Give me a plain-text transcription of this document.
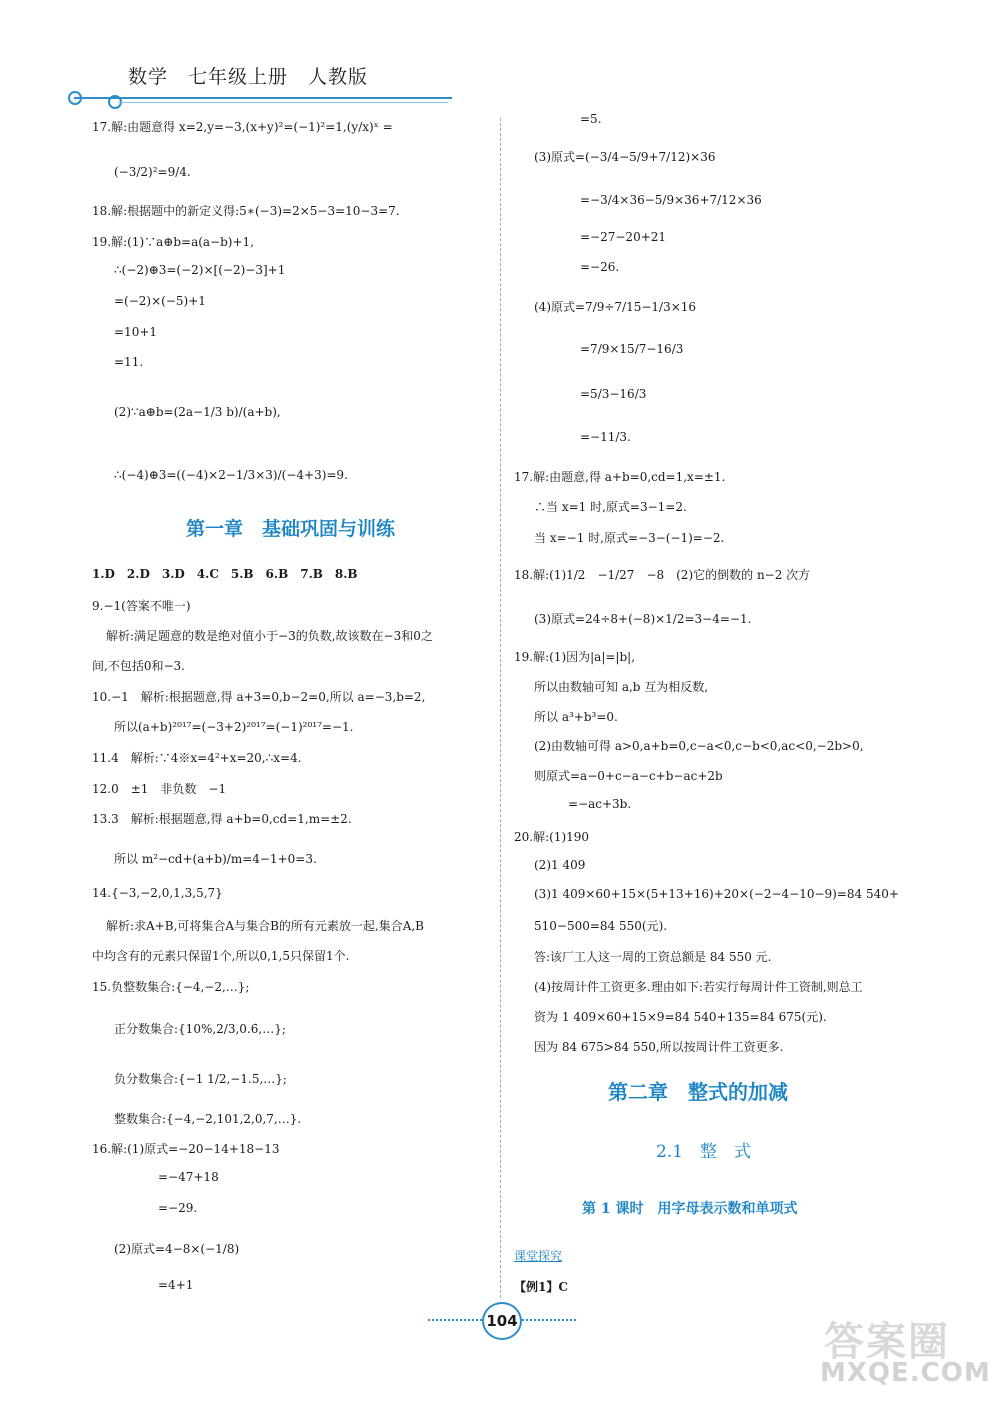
数学　七年级上册　人教版
17.解:由题意得 x=2,y=−3,(x+y)²=(−1)²=1,(y/x)ˣ =
(−3/2)²=9/4.
18.解:根据题中的新定义得:5∗(−3)=2×5−3=10−3=7.
19.解:(1)∵a⊕b=a(a−b)+1,
∴(−2)⊕3=(−2)×[(−2)−3]+1
=(−2)×(−5)+1
=10+1
=11.
(2)∵a⊕b=(2a−1/3 b)/(a+b),
∴(−4)⊕3=((−4)×2−1/3×3)/(−4+3)=9.
第一章　基础巩固与训练
1.D　2.D　3.D　4.C　5.B　6.B　7.B　8.B
9.−1(答案不唯一)
解析:满足题意的数是绝对值小于−3的负数,故该数在−3和0之
间,不包括0和−3.
10.−1　解析:根据题意,得 a+3=0,b−2=0,所以 a=−3,b=2,
所以(a+b)²⁰¹⁷=(−3+2)²⁰¹⁷=(−1)²⁰¹⁷=−1.
11.4　解析:∵4※x=4²+x=20,∴x=4.
12.0　±1　非负数　−1
13.3　解析:根据题意,得 a+b=0,cd=1,m=±2.
所以 m²−cd+(a+b)/m=4−1+0=3.
14.{−3,−2,0,1,3,5,7}
解析:求A+B,可将集合A与集合B的所有元素放一起,集合A,B
中均含有的元素只保留1个,所以0,1,5只保留1个.
15.负整数集合:{−4,−2,…};
正分数集合:{10%,2/3,0.6̇,…};
负分数集合:{−1 1/2,−1.5,…};
整数集合:{−4,−2,101,2,0,7,…}.
16.解:(1)原式=−20−14+18−13
=−47+18
=−29.
(2)原式=4−8×(−1/8)
=4+1
=5.
(3)原式=(−3/4−5/9+7/12)×36
=−3/4×36−5/9×36+7/12×36
=−27−20+21
=−26.
(4)原式=7/9÷7/15−1/3×16
=7/9×15/7−16/3
=5/3−16/3
=−11/3.
17.解:由题意,得 a+b=0,cd=1,x=±1.
∴当 x=1 时,原式=3−1=2.
当 x=−1 时,原式=−3−(−1)=−2.
18.解:(1)1/2　−1/27　−8　(2)它的倒数的 n−2 次方
(3)原式=24÷8+(−8)×1/2=3−4=−1.
19.解:(1)因为|a|=|b|,
所以由数轴可知 a,b 互为相反数,
所以 a³+b³=0.
(2)由数轴可得 a>0,a+b=0,c−a<0,c−b<0,ac<0,−2b>0,
则原式=a−0+c−a−c+b−ac+2b
=−ac+3b.
20.解:(1)190
(2)1 409
(3)1 409×60+15×(5+13+16)+20×(−2−4−10−9)=84 540+
510−500=84 550(元).
答:该厂工人这一周的工资总额是 84 550 元.
(4)按周计件工资更多.理由如下:若实行每周计件工资制,则总工
资为 1 409×60+15×9=84 540+135=84 675(元).
因为 84 675>84 550,所以按周计件工资更多.
第二章　整式的加减
2.1　整　式
第 1 课时　用字母表示数和单项式
课堂探究
【例1】C
104	答案圈
MXQE.COM
